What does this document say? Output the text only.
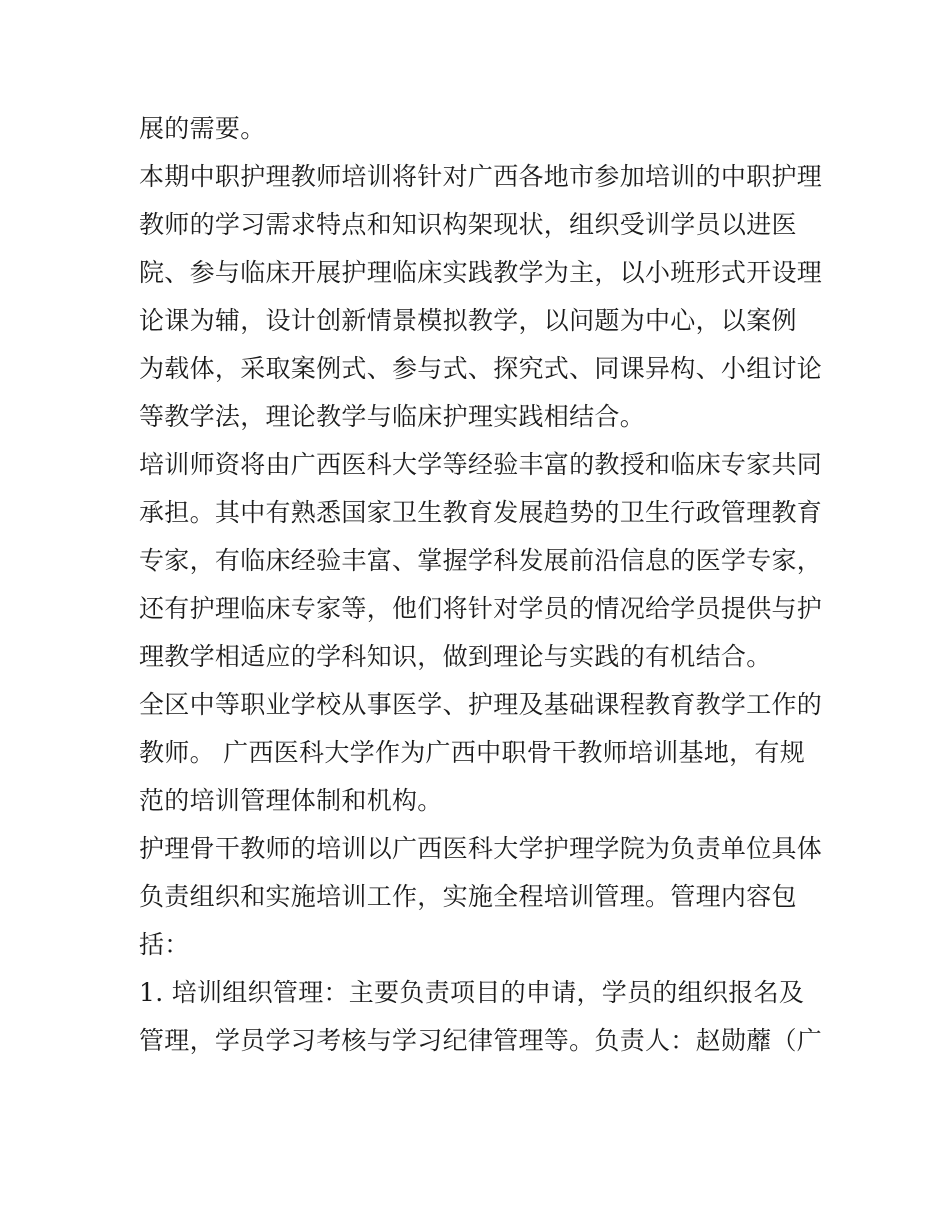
展的需要。
本期中职护理教师培训将针对广西各地市参加培训的中职护理
教师的学习需求特点和知识构架现状，组织受训学员以进医
院、参与临床开展护理临床实践教学为主，以小班形式开设理
论课为辅，设计创新情景模拟教学，以问题为中心，以案例
为载体，采取案例式、参与式、探究式、同课异构、小组讨论
等教学法，理论教学与临床护理实践相结合。
培训师资将由广西医科大学等经验丰富的教授和临床专家共同
承担。其中有熟悉国家卫生教育发展趋势的卫生行政管理教育
专家，有临床经验丰富、掌握学科发展前沿信息的医学专家，
还有护理临床专家等，他们将针对学员的情况给学员提供与护
理教学相适应的学科知识，做到理论与实践的有机结合。
全区中等职业学校从事医学、护理及基础课程教育教学工作的
教师。 广西医科大学作为广西中职骨干教师培训基地，有规
范的培训管理体制和机构。
护理骨干教师的培训以广西医科大学护理学院为负责单位具体
负责组织和实施培训工作，实施全程培训管理。管理内容包
括：
1. 培训组织管理：主要负责项目的申请，学员的组织报名及
管理，学员学习考核与学习纪律管理等。负责人：赵勋蘼（广
